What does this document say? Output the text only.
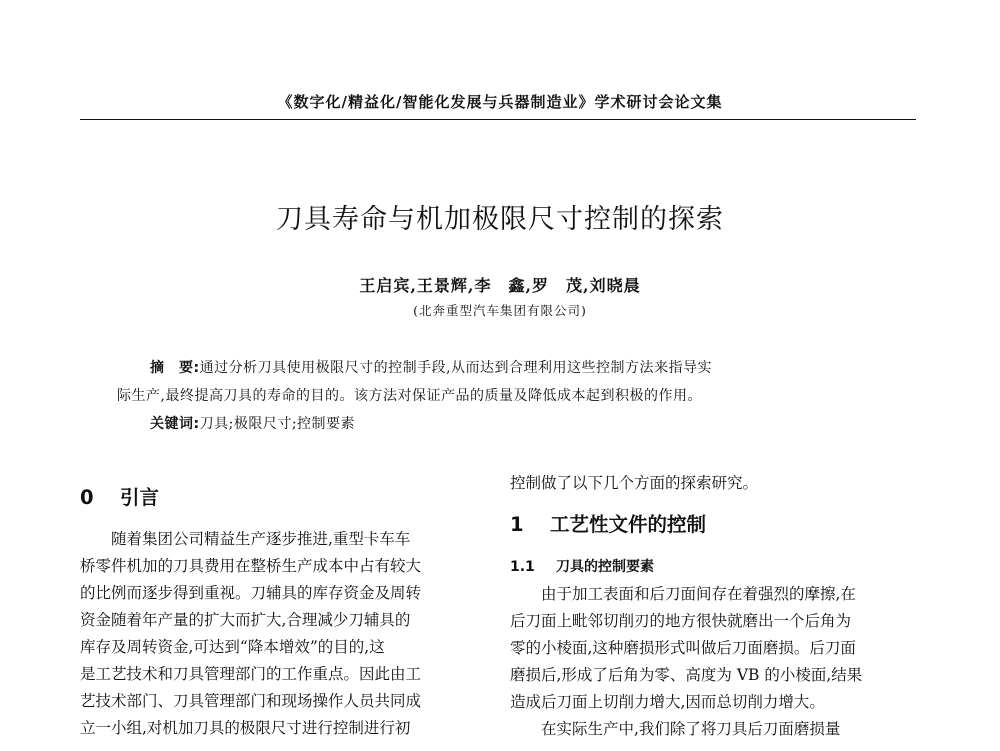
《数字化/精益化/智能化发展与兵器制造业》学术研讨会论文集
刀具寿命与机加极限尺寸控制的探索
王启宾,王景辉,李　鑫,罗　茂,刘晓晨
(北奔重型汽车集团有限公司)
摘　要:通过分析刀具使用极限尺寸的控制手段,从而达到合理利用这些控制方法来指导实
际生产,最终提高刀具的寿命的目的。该方法对保证产品的质量及降低成本起到积极的作用。
关键词:刀具;极限尺寸;控制要素
0 引言
随着集团公司精益生产逐步推进,重型卡车车
桥零件机加的刀具费用在整桥生产成本中占有较大
的比例而逐步得到重视。刀辅具的库存资金及周转
资金随着年产量的扩大而扩大,合理减少刀辅具的
库存及周转资金,可达到“降本增效”的目的,这
是工艺技术和刀具管理部门的工作重点。因此由工
艺技术部门、刀具管理部门和现场操作人员共同成
立一小组,对机加刀具的极限尺寸进行控制进行初
控制做了以下几个方面的探索研究。
1 工艺性文件的控制
1.1 刀具的控制要素
由于加工表面和后刀面间存在着强烈的摩擦,在
后刀面上毗邻切削刃的地方很快就磨出一个后角为
零的小棱面,这种磨损形式叫做后刀面磨损。后刀面
磨损后,形成了后角为零、高度为 VB 的小棱面,结果
造成后刀面上切削力增大,因而总切削力增大。
在实际生产中,我们除了将刀具后刀面磨损量
